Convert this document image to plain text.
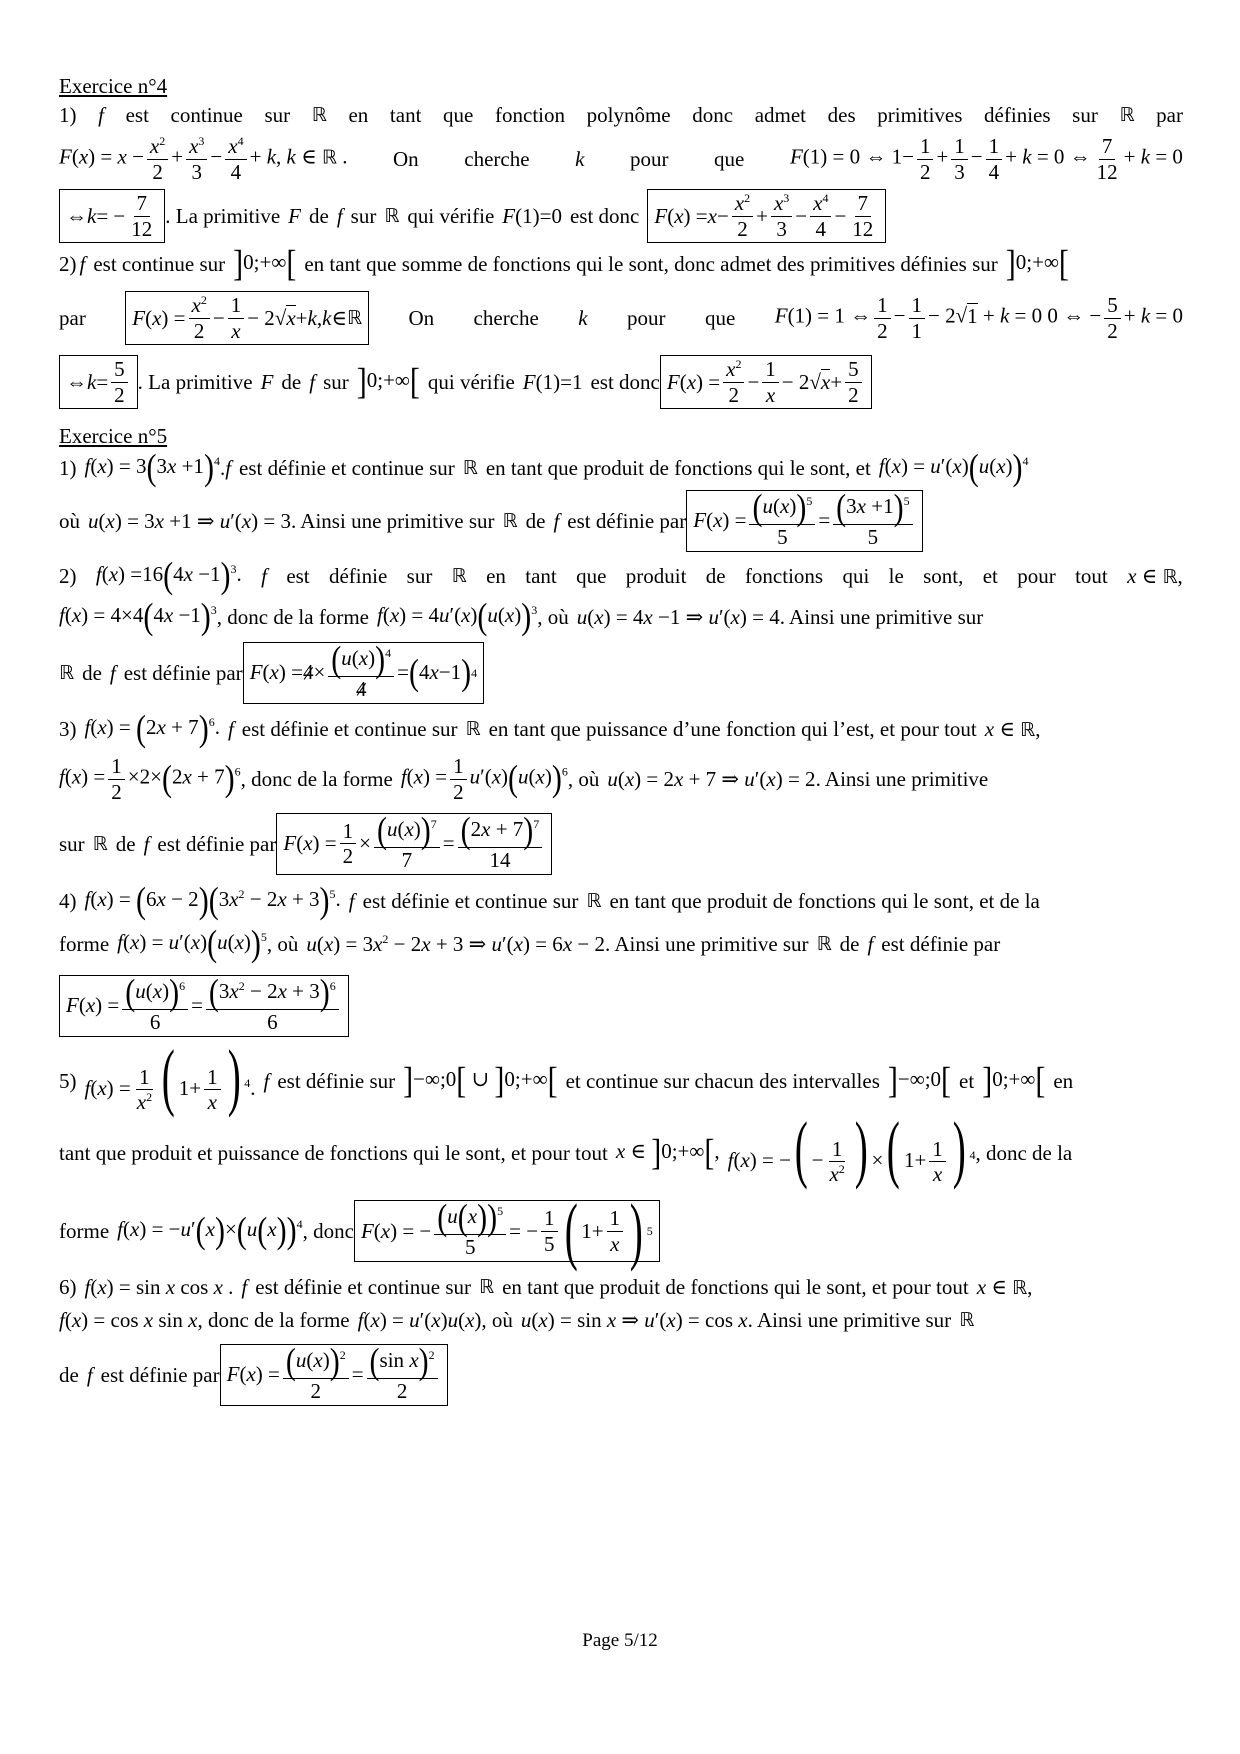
Exercice n°4
1) f est continue sur ℝ en tant que fonction polynôme donc admet des primitives définies sur ℝ par
$F(x) = x - \frac{x^2}{2} + \frac{x^3}{3} - \frac{x^4}{4} + k$, k ∈ ℝ . On cherche k pour que F(1) = 0 ⇔ $1- \frac{1}{2} + \frac{1}{3} - \frac{1}{4} + k = 0$ ⇔ $\frac{7}{12} + k = 0$
⇔ k = − $\frac{7}{12}$ . La primitive F de f sur ℝ qui vérifie F (1)=0 est donc F ( x ) = $x - \frac{x^2}{2} + \frac{x^3}{3} - \frac{x^4}{4} - \frac{7}{12}$
2) f est continue sur ]0;+∞[ en tant que somme de fonctions qui le sont, donc admet des primitives définies sur ]0;+∞[
par F ( x ) = $\frac{x^2}{2} - \frac{1}{x} - 2√$ x + k , k ∈ ℝ On cherche k pour que F(1) = 1 ⇔ $\frac{1}{2} - \frac{1}{1} - 2√1 + k = 0$ 0 ⇔ − $\frac{5}{2} + k = 0$
⇔ $k = \frac{5}{2}$ . La primitive F de f sur ]0;+∞[ qui vérifie F (1)=1 est donc F ( x ) = $\frac{x^2}{2} - \frac{1}{x} - 2√$ $x + \frac{5}{2}$
Exercice n°5
1) $f(x) = 3(3x +1)^4$ . f est définie et continue sur ℝ en tant que produit de fonctions qui le sont, et $f(x) = u'(x)(u(x))^4$
où u(x) = 3x +1 ⇒ u′(x) = 3 . Ainsi une primitive sur ℝ de f est définie par F ( x ) = $\frac{(u(x))^5}{5} = \frac{(3x +1)^5}{5}$
2) $f(x) =16(4x -1)^3$. f est définie sur ℝ en tant que produit de fonctions qui le sont, et pour tout x ∈ ℝ,
$f(x) = 4\times 4(4x -1)^3$ , donc de la forme $f(x) = 4u'(x)(u(x))^3$ , où u(x) = 4x −1 ⇒ u′(x) = 4 . Ainsi une primitive sur
ℝ de f est définie par F ( x ) = $4 \times \frac{(u(x))^4}{4}$ = ( 4 x −1 ) 4
3) $f(x) = (2x + 7)^6$. f est définie et continue sur ℝ en tant que puissance d’une fonction qui l’est, et pour tout x ∈ ℝ,
$f(x) = \frac{1}{2} \times 2\times(2x + 7)^6$ , donc de la forme $f(x) = \frac{1}{2} u'(x)(u(x))^6$ , où u(x) = 2x + 7 ⇒ u′(x) = 2 . Ainsi une primitive
sur ℝ de f est définie par F ( x ) = $\frac{1}{2} \times \frac{(u(x))^7}{7} = \frac{(2x + 7)^7}{14}$
4) $f(x) = (6x - 2)(3x^2 - 2x + 3)^5$. f est définie et continue sur ℝ en tant que produit de fonctions qui le sont, et de la
forme $f(x) = u'(x)(u(x))^5$ , où $u(x) = 3x^2 - 2x + 3$ ⇒ u′(x) = 6x − 2 . Ainsi une primitive sur ℝ de f est définie par
F ( x ) = $\frac{(u(x))^6}{6} = \frac{(3x^2 - 2x + 3)^6}{6}$
5) $f(x) = \frac{1}{x^2}$ ( $1+ \frac{1}{x}$ ) $^4$. f est définie sur ]−∞;0[ ∪ ]0;+∞[ et continue sur chacun des intervalles ]−∞;0[ et ]0;+∞[ en
tant que produit et puissance de fonctions qui le sont, et pour tout x ∈ ]0;+∞[, f(x) = −( − $\frac{1}{x^2}$ ) ×( $1+ \frac{1}{x}$ ) $^4$ , donc de la
forme $f(x) = -u'(x)\times(u(x))^4$ , donc F ( x ) = − $\frac{(u(x))^5}{5}$ = − $\frac{1}{5}$ ( $1+ \frac{1}{x}$ ) 5
6) f(x) = sin x cos x . f est définie et continue sur ℝ en tant que produit de fonctions qui le sont, et pour tout x ∈ ℝ,
f(x) = cos x sin x , donc de la forme f(x) = u′(x)u(x) , où u(x) = sin x ⇒ u′(x) = cos x . Ainsi une primitive sur ℝ
de f est définie par F ( x ) = $\frac{(u(x))^2}{2} = \frac{(\sin x)^2}{2}$
Page 5/12
